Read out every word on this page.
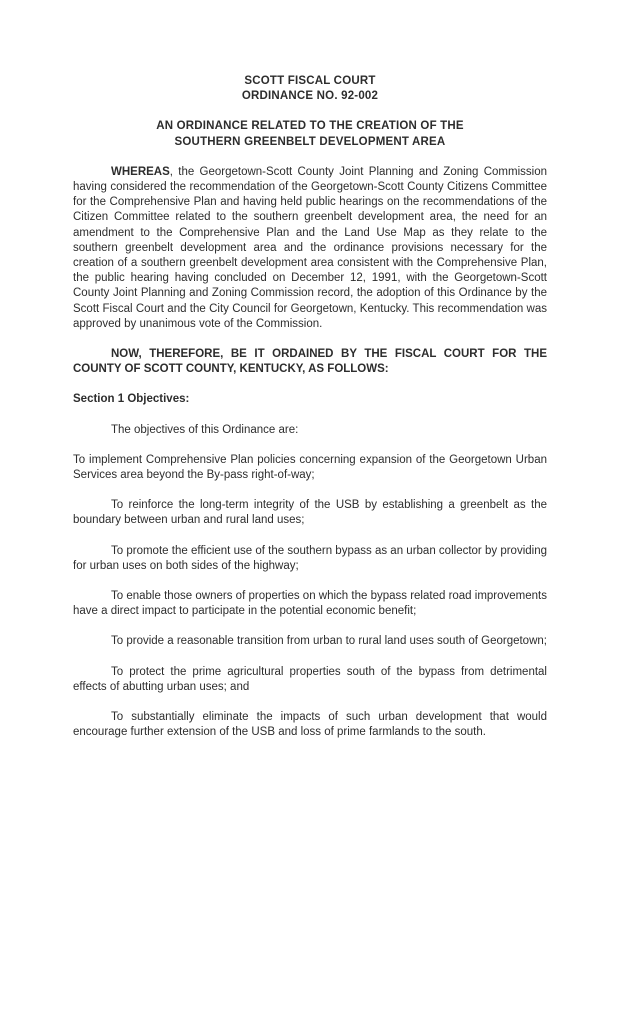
SCOTT FISCAL COURT
ORDINANCE NO. 92-002
AN ORDINANCE RELATED TO THE CREATION OF THE
SOUTHERN GREENBELT DEVELOPMENT AREA

WHEREAS, the Georgetown-Scott County Joint Planning and Zoning Commission having considered the recommendation of the Georgetown-Scott County Citizens Committee for the Comprehensive Plan and having held public hearings on the recommendations of the Citizen Committee related to the southern greenbelt development area, the need for an amendment to the Comprehensive Plan and the Land Use Map as they relate to the southern greenbelt development area and the ordinance provisions necessary for the creation of a southern greenbelt development area consistent with the Comprehensive Plan, the public hearing having concluded on December 12, 1991, with the Georgetown-Scott County Joint Planning and Zoning Commission record, the adoption of this Ordinance by the Scott Fiscal Court and the City Council for Georgetown, Kentucky. This recommendation was approved by unanimous vote of the Commission.

NOW, THEREFORE, BE IT ORDAINED BY THE FISCAL COURT FOR THE COUNTY OF SCOTT COUNTY, KENTUCKY, AS FOLLOWS:

Section 1 Objectives:

The objectives of this Ordinance are:

To implement Comprehensive Plan policies concerning expansion of the Georgetown Urban Services area beyond the By-pass right-of-way;

To reinforce the long-term integrity of the USB by establishing a greenbelt as the boundary between urban and rural land uses;

To promote the efficient use of the southern bypass as an urban collector by providing for urban uses on both sides of the highway;

To enable those owners of properties on which the bypass related road improvements have a direct impact to participate in the potential economic benefit;

To provide a reasonable transition from urban to rural land uses south of Georgetown;

To protect the prime agricultural properties south of the bypass from detrimental effects of abutting urban uses; and

To substantially eliminate the impacts of such urban development that would encourage further extension of the USB and loss of prime farmlands to the south.
